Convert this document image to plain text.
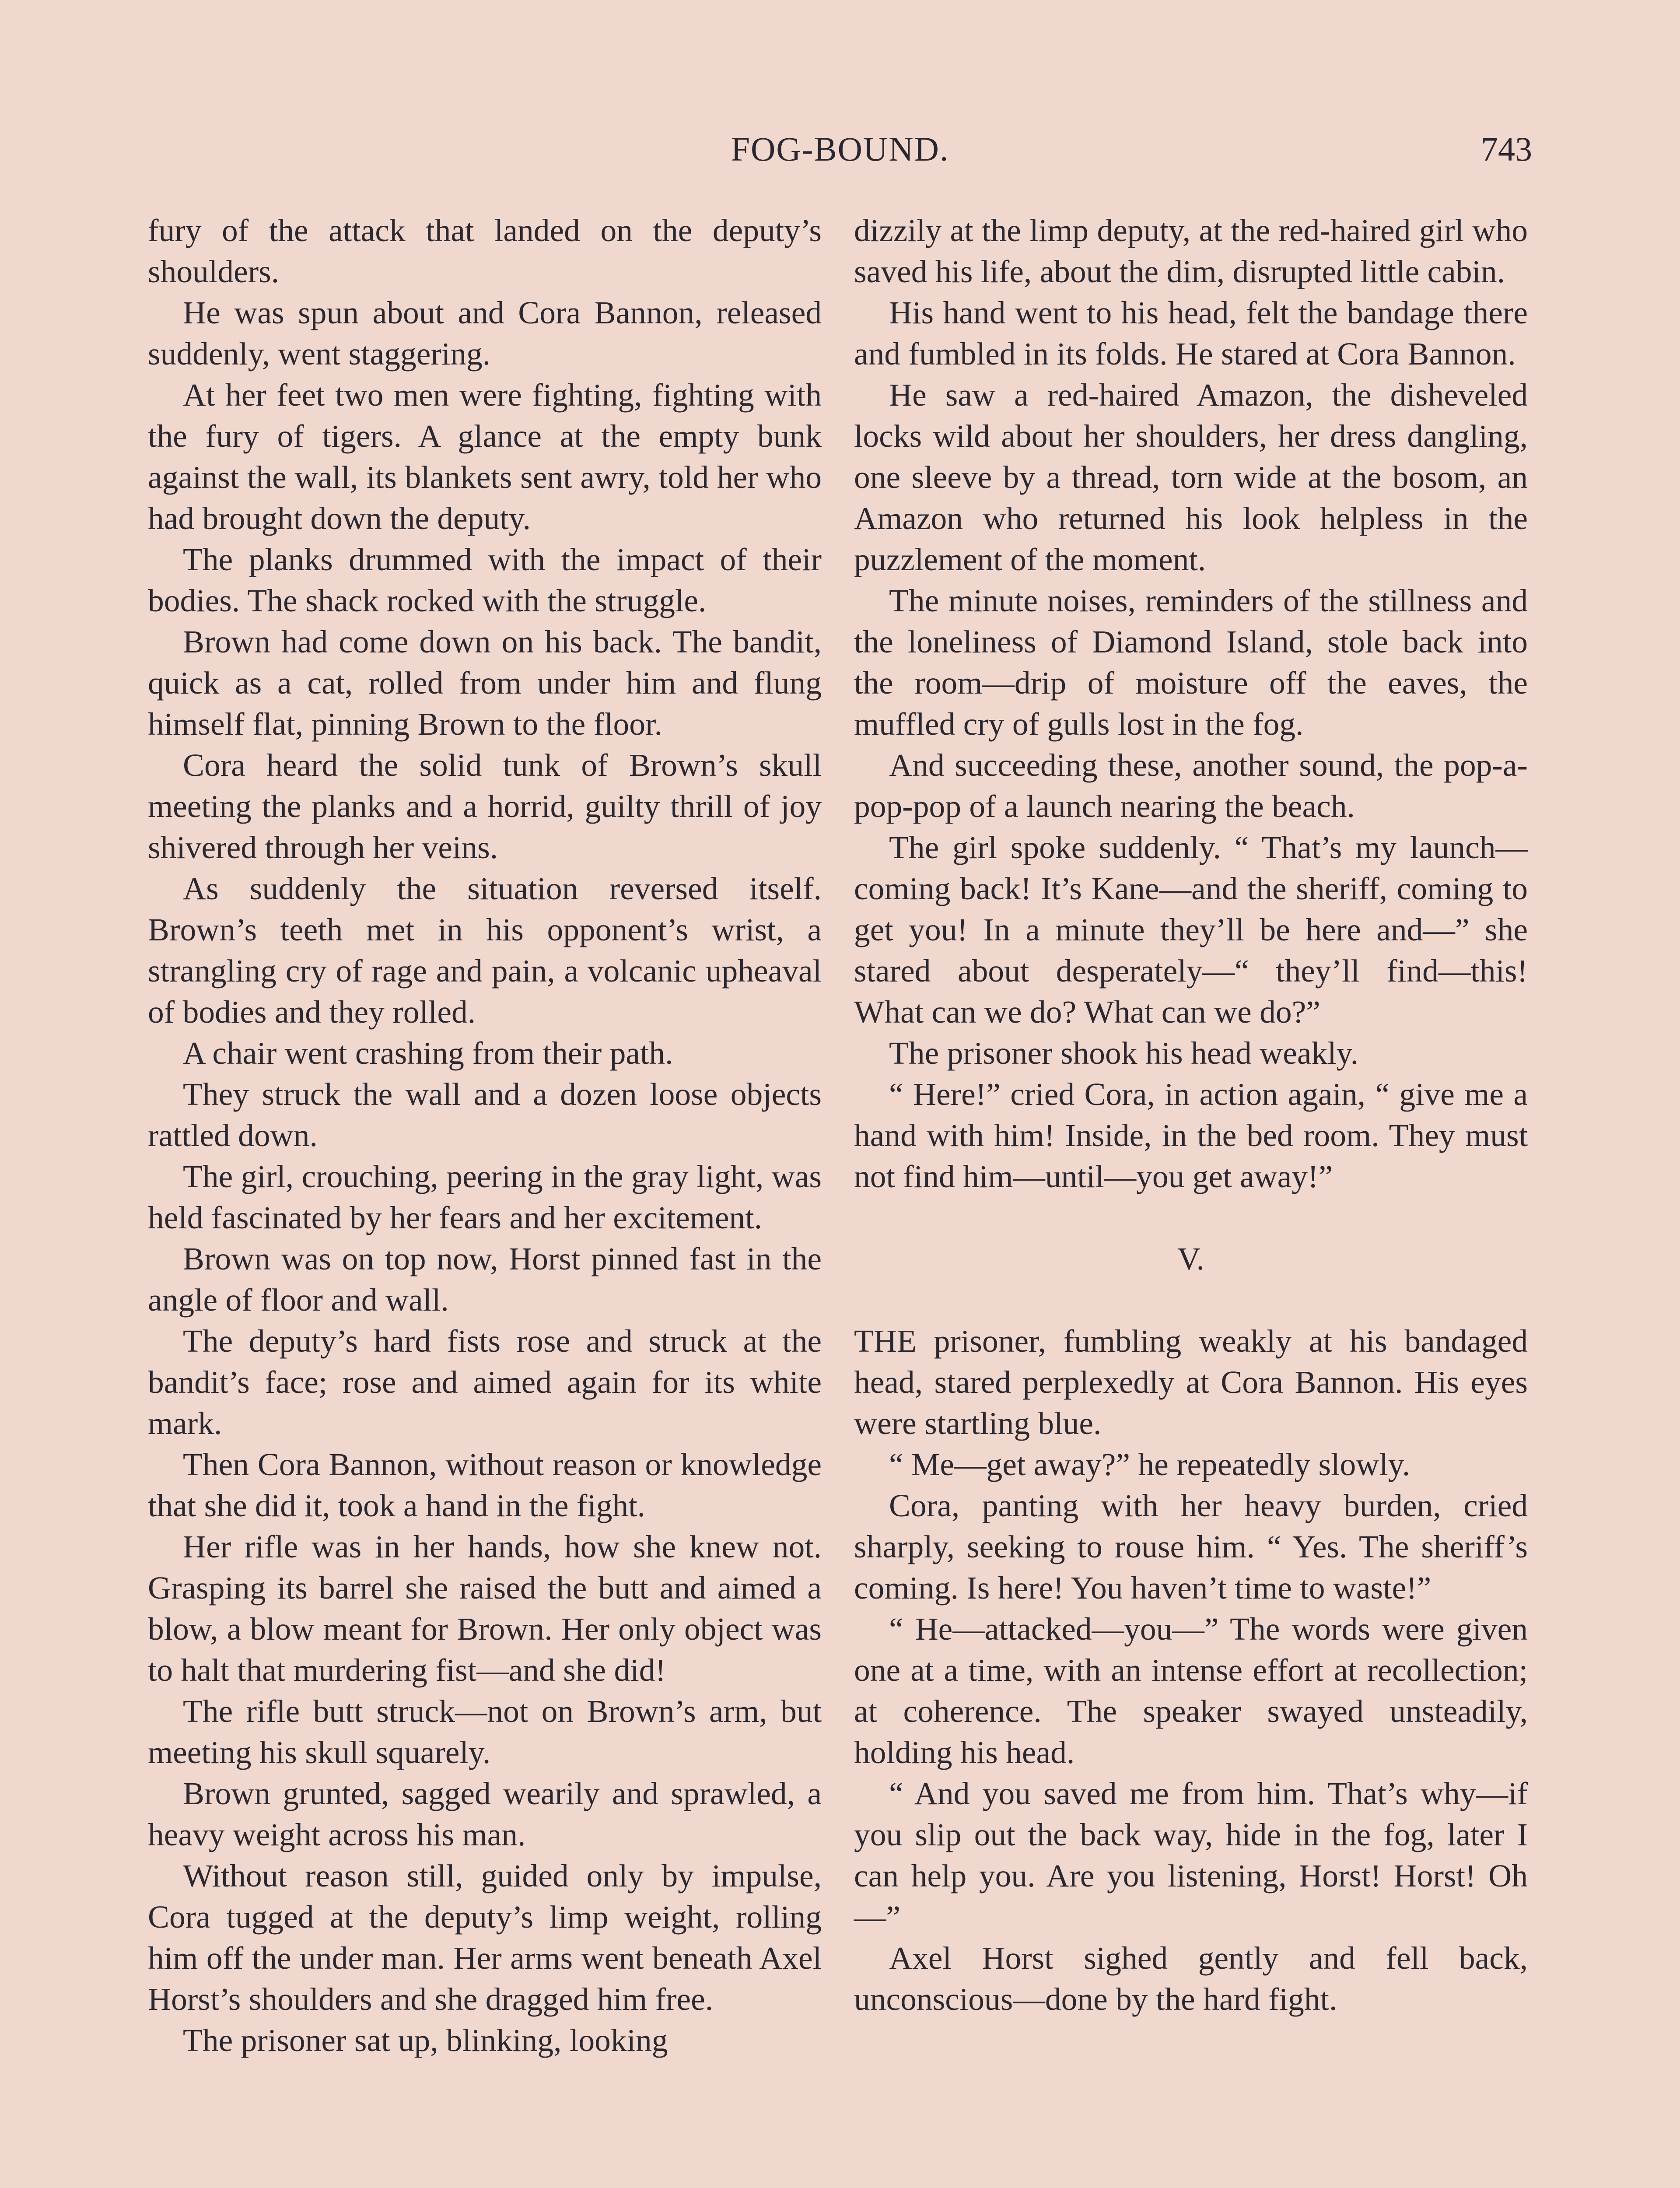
FOG-BOUND.	743

fury of the attack that landed on the deputy’s shoulders.

He was spun about and Cora Bannon, released suddenly, went staggering.

At her feet two men were fighting, fighting with the fury of tigers. A glance at the empty bunk against the wall, its blankets sent awry, told her who had brought down the deputy.

The planks drummed with the impact of their bodies. The shack rocked with the struggle.

Brown had come down on his back. The bandit, quick as a cat, rolled from under him and flung himself flat, pinning Brown to the floor.

Cora heard the solid tunk of Brown’s skull meeting the planks and a horrid, guilty thrill of joy shivered through her veins.

As suddenly the situation reversed itself. Brown’s teeth met in his opponent’s wrist, a strangling cry of rage and pain, a volcanic upheaval of bodies and they rolled.

A chair went crashing from their path.

They struck the wall and a dozen loose objects rattled down.

The girl, crouching, peering in the gray light, was held fascinated by her fears and her excitement.

Brown was on top now, Horst pinned fast in the angle of floor and wall.

The deputy’s hard fists rose and struck at the bandit’s face; rose and aimed again for its white mark.

Then Cora Bannon, without reason or knowledge that she did it, took a hand in the fight.

Her rifle was in her hands, how she knew not. Grasping its barrel she raised the butt and aimed a blow, a blow meant for Brown. Her only object was to halt that murdering fist—and she did!

The rifle butt struck—not on Brown’s arm, but meeting his skull squarely.

Brown grunted, sagged wearily and sprawled, a heavy weight across his man.

Without reason still, guided only by impulse, Cora tugged at the deputy’s limp weight, rolling him off the under man. Her arms went beneath Axel Horst’s shoulders and she dragged him free.

The prisoner sat up, blinking, looking

dizzily at the limp deputy, at the red-haired girl who saved his life, about the dim, disrupted little cabin.

His hand went to his head, felt the bandage there and fumbled in its folds. He stared at Cora Bannon.

He saw a red-haired Amazon, the disheveled locks wild about her shoulders, her dress dangling, one sleeve by a thread, torn wide at the bosom, an Amazon who returned his look helpless in the puzzlement of the moment.

The minute noises, reminders of the stillness and the loneliness of Diamond Island, stole back into the room—drip of moisture off the eaves, the muffled cry of gulls lost in the fog.

And succeeding these, another sound, the pop-a-pop-pop of a launch nearing the beach.

The girl spoke suddenly. “ That’s my launch—coming back! It’s Kane—and the sheriff, coming to get you! In a minute they’ll be here and—” she stared about desperately—“ they’ll find—this! What can we do? What can we do?”

The prisoner shook his head weakly.

“ Here!” cried Cora, in action again, “ give me a hand with him! Inside, in the bed room. They must not find him—until—you get away!”

V.

THE prisoner, fumbling weakly at his bandaged head, stared perplexedly at Cora Bannon. His eyes were startling blue.

“ Me—get away?” he repeatedly slowly.

Cora, panting with her heavy burden, cried sharply, seeking to rouse him. “ Yes. The sheriff’s coming. Is here! You haven’t time to waste!”

“ He—attacked—you—” The words were given one at a time, with an intense effort at recollection; at coherence. The speaker swayed unsteadily, holding his head.

“ And you saved me from him. That’s why—if you slip out the back way, hide in the fog, later I can help you. Are you listening, Horst! Horst! Oh—”

Axel Horst sighed gently and fell back, unconscious—done by the hard fight.
